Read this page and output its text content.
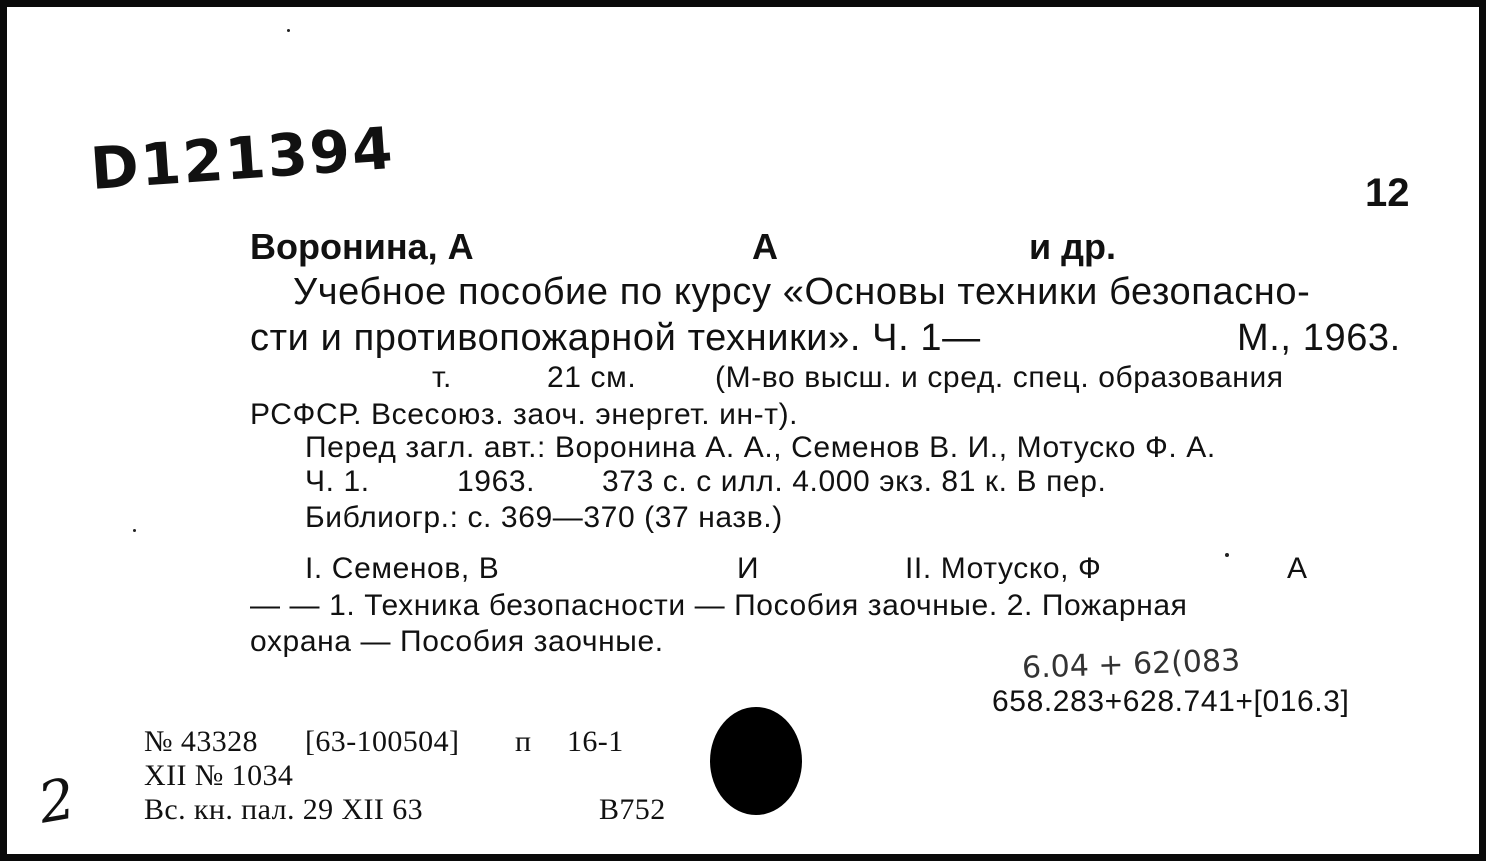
D121394	12
Воронина, А	А	и др.
Учебное пособие по курсу «Основы техники безопасно-
сти и противопожарной техники». Ч. 1—	М., 1963.
т.	21 см.	(М-во высш. и сред. спец. образования
РСФСР. Всесоюз. заоч. энергет. ин-т).
Перед загл. авт.: Воронина А. А., Семенов В. И., Мотуско Ф. А.
Ч. 1.	1963. 373 с. с илл. 4.000 экз. 81 к. В пер.
Библиогр.: с. 369—370 (37 назв.)
I. Семенов, В	И	II. Мотуско, Ф	А
— — 1. Техника безопасности — Пособия заочные. 2. Пожарная
охрана — Пособия заочные.
6.04 + 62(083
658.283+628.741+[016.3]
№ 43328 [63-100504] п 16-1
XII № 1034
Вс. кн. пал. 29 XII 63	В752
2
